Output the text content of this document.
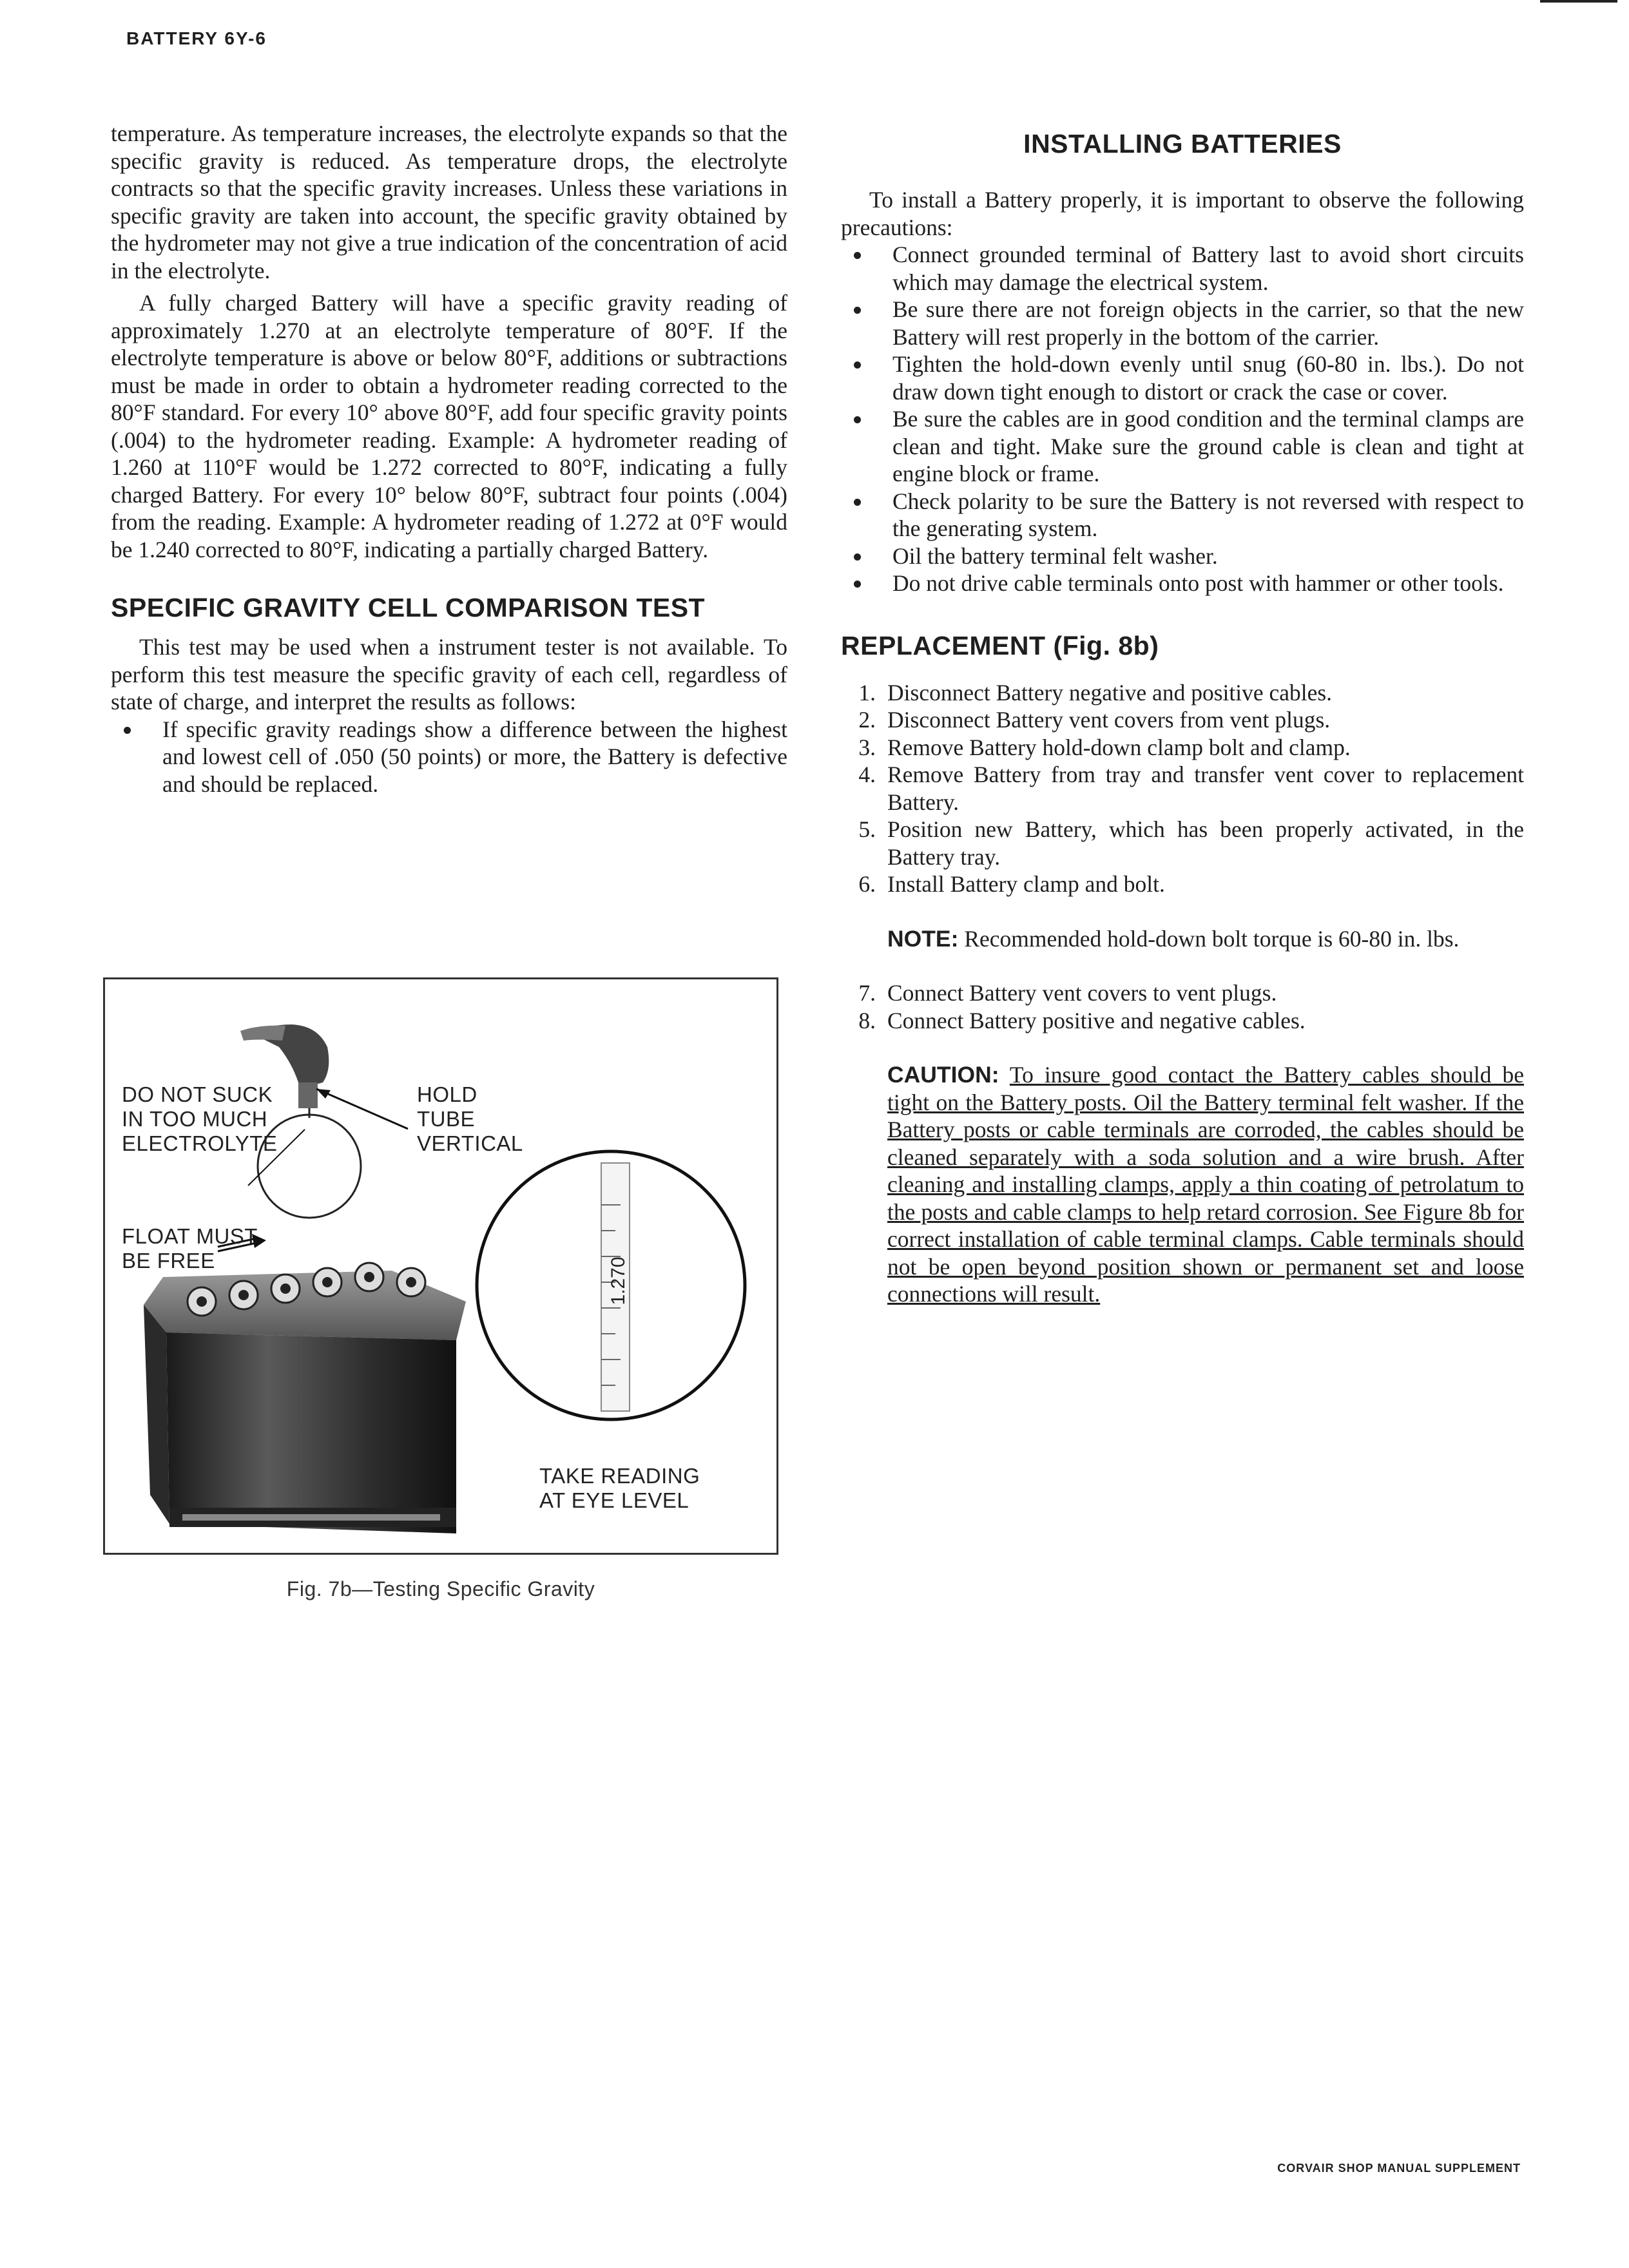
BATTERY 6Y-6

temperature. As temperature increases, the electrolyte expands so that the specific gravity is reduced. As temperature drops, the electrolyte contracts so that the specific gravity increases. Unless these variations in specific gravity are taken into account, the specific gravity obtained by the hydrometer may not give a true indication of the concentration of acid in the electrolyte.

A fully charged Battery will have a specific gravity reading of approximately 1.270 at an electrolyte temperature of 80°F. If the electrolyte temperature is above or below 80°F, additions or subtractions must be made in order to obtain a hydrometer reading corrected to the 80°F standard. For every 10° above 80°F, add four specific gravity points (.004) to the hydrometer reading. Example: A hydrometer reading of 1.260 at 110°F would be 1.272 corrected to 80°F, indicating a fully charged Battery. For every 10° below 80°F, subtract four points (.004) from the reading. Example: A hydrometer reading of 1.272 at 0°F would be 1.240 corrected to 80°F, indicating a partially charged Battery.

SPECIFIC GRAVITY CELL COMPARISON TEST

This test may be used when a instrument tester is not available. To perform this test measure the specific gravity of each cell, regardless of state of charge, and interpret the results as follows:

If specific gravity readings show a difference between the highest and lowest cell of .050 (50 points) or more, the Battery is defective and should be replaced.
1.270
DO NOT SUCK
IN TOO MUCH
ELECTROLYTE
HOLD
TUBE
VERTICAL
FLOAT MUST
BE FREE
TAKE READING
AT EYE LEVEL
Fig. 7b—Testing Specific Gravity
INSTALLING BATTERIES

To install a Battery properly, it is important to observe the following precautions:

Connect grounded terminal of Battery last to avoid short circuits which may damage the electrical system.
Be sure there are not foreign objects in the carrier, so that the new Battery will rest properly in the bottom of the carrier.
Tighten the hold-down evenly until snug (60-80 in. lbs.). Do not draw down tight enough to distort or crack the case or cover.
Be sure the cables are in good condition and the terminal clamps are clean and tight. Make sure the ground cable is clean and tight at engine block or frame.
Check polarity to be sure the Battery is not reversed with respect to the generating system.
Oil the battery terminal felt washer.
Do not drive cable terminals onto post with hammer or other tools.
REPLACEMENT (Fig. 8b)
1. Disconnect Battery negative and positive cables.
2. Disconnect Battery vent covers from vent plugs.
3. Remove Battery hold-down clamp bolt and clamp.
4. Remove Battery from tray and transfer vent cover to replacement Battery.
5. Position new Battery, which has been properly activated, in the Battery tray.
6. Install Battery clamp and bolt.
NOTE: Recommended hold-down bolt torque is 60-80 in. lbs.
7. Connect Battery vent covers to vent plugs.
8. Connect Battery positive and negative cables.
CAUTION: To insure good contact the Battery cables should be tight on the Battery posts. Oil the Battery terminal felt washer. If the Battery posts or cable terminals are corroded, the cables should be cleaned separately with a soda solution and a wire brush. After cleaning and installing clamps, apply a thin coating of petrolatum to the posts and cable clamps to help retard corrosion. See Figure 8b for correct installation of cable terminal clamps. Cable terminals should not be open beyond position shown or permanent set and loose connections will result.
CORVAIR SHOP MANUAL SUPPLEMENT
